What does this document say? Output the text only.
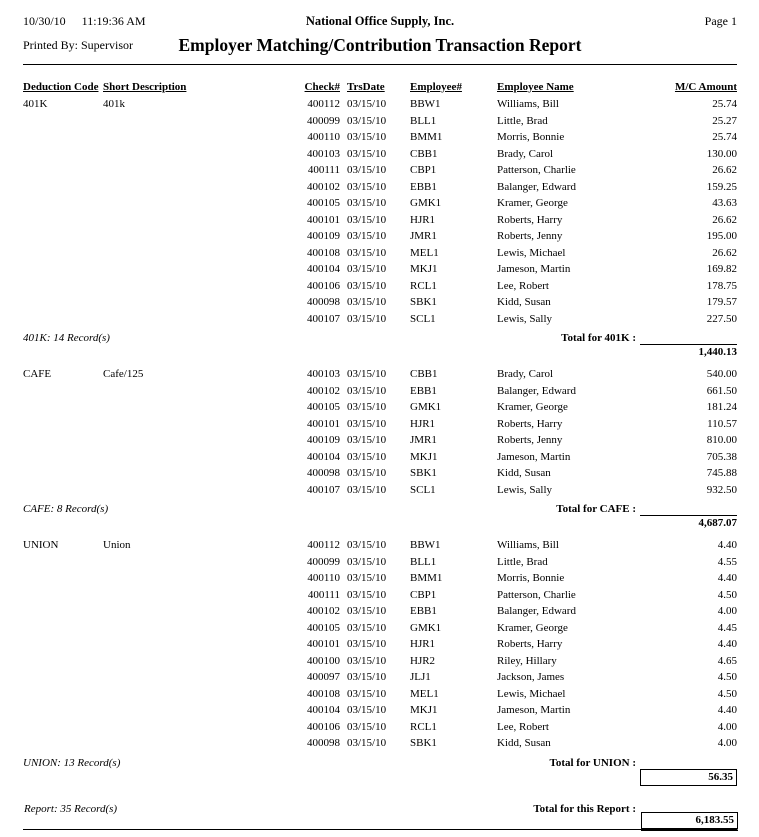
10/30/10 11:19:36 AM	National Office Supply, Inc.	Page 1
Printed By: Supervisor	Employer Matching/Contribution Transaction Report
Deduction Code	Short Description	Check#	TrsDate	Employee#	Employee Name	M/C Amount
401K	401k	400112	03/15/10	BBW1	Williams, Bill	25.74
		400099	03/15/10	BLL1	Little, Brad	25.27
		400110	03/15/10	BMM1	Morris, Bonnie	25.74
		400103	03/15/10	CBB1	Brady, Carol	130.00
		400111	03/15/10	CBP1	Patterson, Charlie	26.62
		400102	03/15/10	EBB1	Balanger, Edward	159.25
		400105	03/15/10	GMK1	Kramer, George	43.63
		400101	03/15/10	HJR1	Roberts, Harry	26.62
		400109	03/15/10	JMR1	Roberts, Jenny	195.00
		400108	03/15/10	MEL1	Lewis, Michael	26.62
		400104	03/15/10	MKJ1	Jameson, Martin	169.82
		400106	03/15/10	RCL1	Lee, Robert	178.75
		400098	03/15/10	SBK1	Kidd, Susan	179.57
		400107	03/15/10	SCL1	Lewis, Sally	227.50
401K: 14 Record(s)		Total for 401K :				1,440.13

CAFE	Cafe/125	400103	03/15/10	CBB1	Brady, Carol	540.00
		400102	03/15/10	EBB1	Balanger, Edward	661.50
		400105	03/15/10	GMK1	Kramer, George	181.24
		400101	03/15/10	HJR1	Roberts, Harry	110.57
		400109	03/15/10	JMR1	Roberts, Jenny	810.00
		400104	03/15/10	MKJ1	Jameson, Martin	705.38
		400098	03/15/10	SBK1	Kidd, Susan	745.88
		400107	03/15/10	SCL1	Lewis, Sally	932.50
CAFE: 8 Record(s)		Total for CAFE :				4,687.07

UNION	Union	400112	03/15/10	BBW1	Williams, Bill	4.40
		400099	03/15/10	BLL1	Little, Brad	4.55
		400110	03/15/10	BMM1	Morris, Bonnie	4.40
		400111	03/15/10	CBP1	Patterson, Charlie	4.50
		400102	03/15/10	EBB1	Balanger, Edward	4.00
		400105	03/15/10	GMK1	Kramer, George	4.45
		400101	03/15/10	HJR1	Roberts, Harry	4.40
		400100	03/15/10	HJR2	Riley, Hillary	4.65
		400097	03/15/10	JLJ1	Jackson, James	4.50
		400108	03/15/10	MEL1	Lewis, Michael	4.50
		400104	03/15/10	MKJ1	Jameson, Martin	4.40
		400106	03/15/10	RCL1	Lee, Robert	4.00
		400098	03/15/10	SBK1	Kidd, Susan	4.00
UNION: 13 Record(s)		Total for UNION :				56.35

Report: 35 Record(s)		Total for this Report :				6,183.55
